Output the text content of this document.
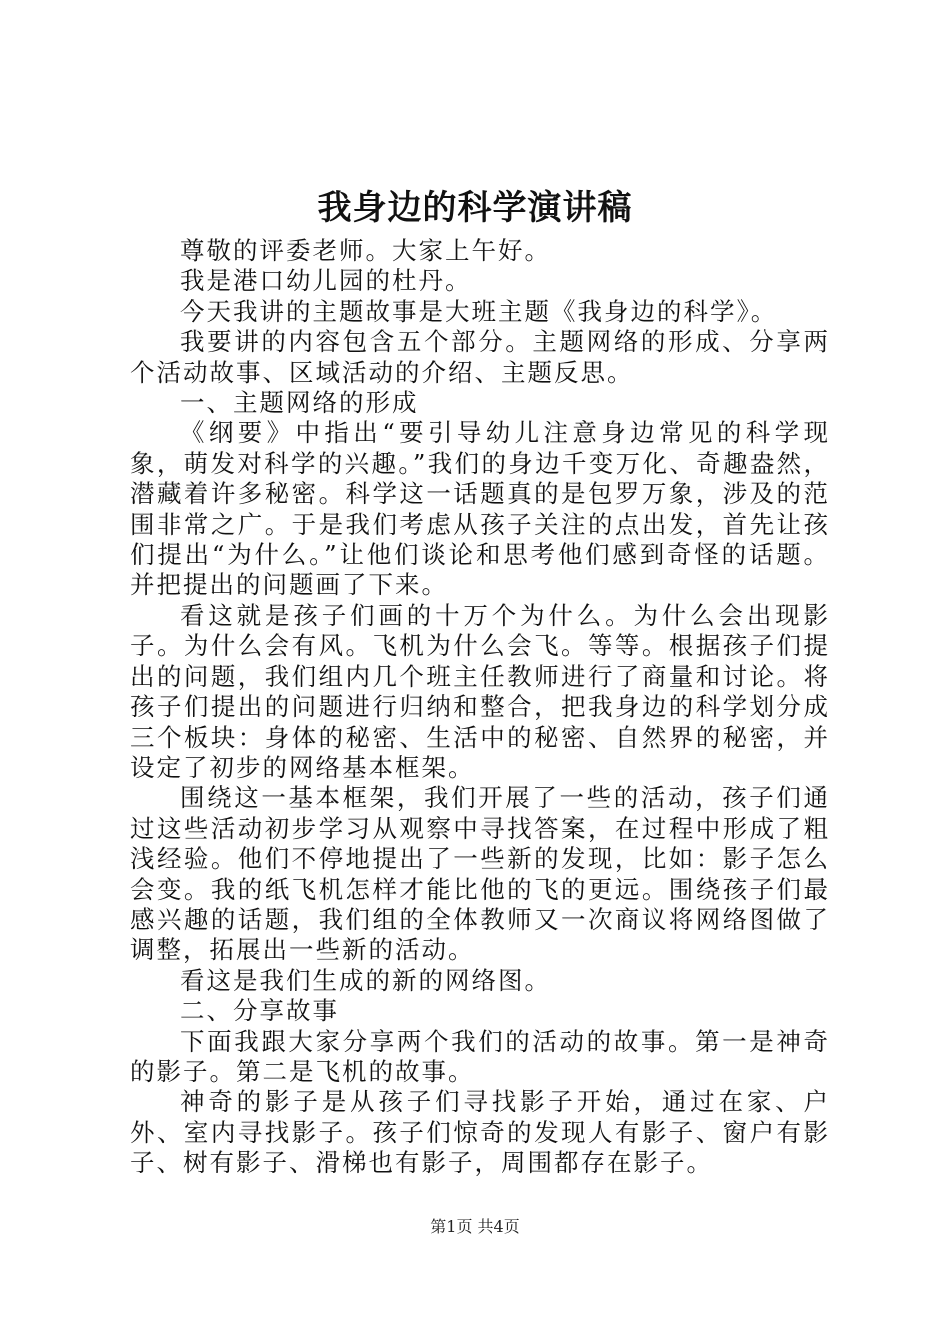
我身边的科学演讲稿

尊敬的评委老师。大家上午好。

我是港口幼儿园的杜丹。

今天我讲的主题故事是大班主题《我身边的科学》。

我要讲的内容包含五个部分。主题网络的形成、分享两个活动故事、区域活动的介绍、主题反思。

一、主题网络的形成

《纲要》中指出“要引导幼儿注意身边常见的科学现象，萌发对科学的兴趣。”我们的身边千变万化、奇趣盎然，潜藏着许多秘密。科学这一话题真的是包罗万象，涉及的范围非常之广。于是我们考虑从孩子关注的点出发，首先让孩们提出“为什么。”让他们谈论和思考他们感到奇怪的话题。并把提出的问题画了下来。

看这就是孩子们画的十万个为什么。为什么会出现影子。为什么会有风。飞机为什么会飞。等等。根据孩子们提出的问题，我们组内几个班主任教师进行了商量和讨论。将孩子们提出的问题进行归纳和整合，把我身边的科学划分成三个板块：身体的秘密、生活中的秘密、自然界的秘密，并设定了初步的网络基本框架。

围绕这一基本框架，我们开展了一些的活动，孩子们通过这些活动初步学习从观察中寻找答案，在过程中形成了粗浅经验。他们不停地提出了一些新的发现，比如：影子怎么会变。我的纸飞机怎样才能比他的飞的更远。围绕孩子们最感兴趣的话题，我们组的全体教师又一次商议将网络图做了调整，拓展出一些新的活动。

看这是我们生成的新的网络图。

二、分享故事

下面我跟大家分享两个我们的活动的故事。第一是神奇的影子。第二是飞机的故事。

神奇的影子是从孩子们寻找影子开始，通过在家、户外、室内寻找影子。孩子们惊奇的发现人有影子、窗户有影子、树有影子、滑梯也有影子，周围都存在影子。

第1页 共4页
